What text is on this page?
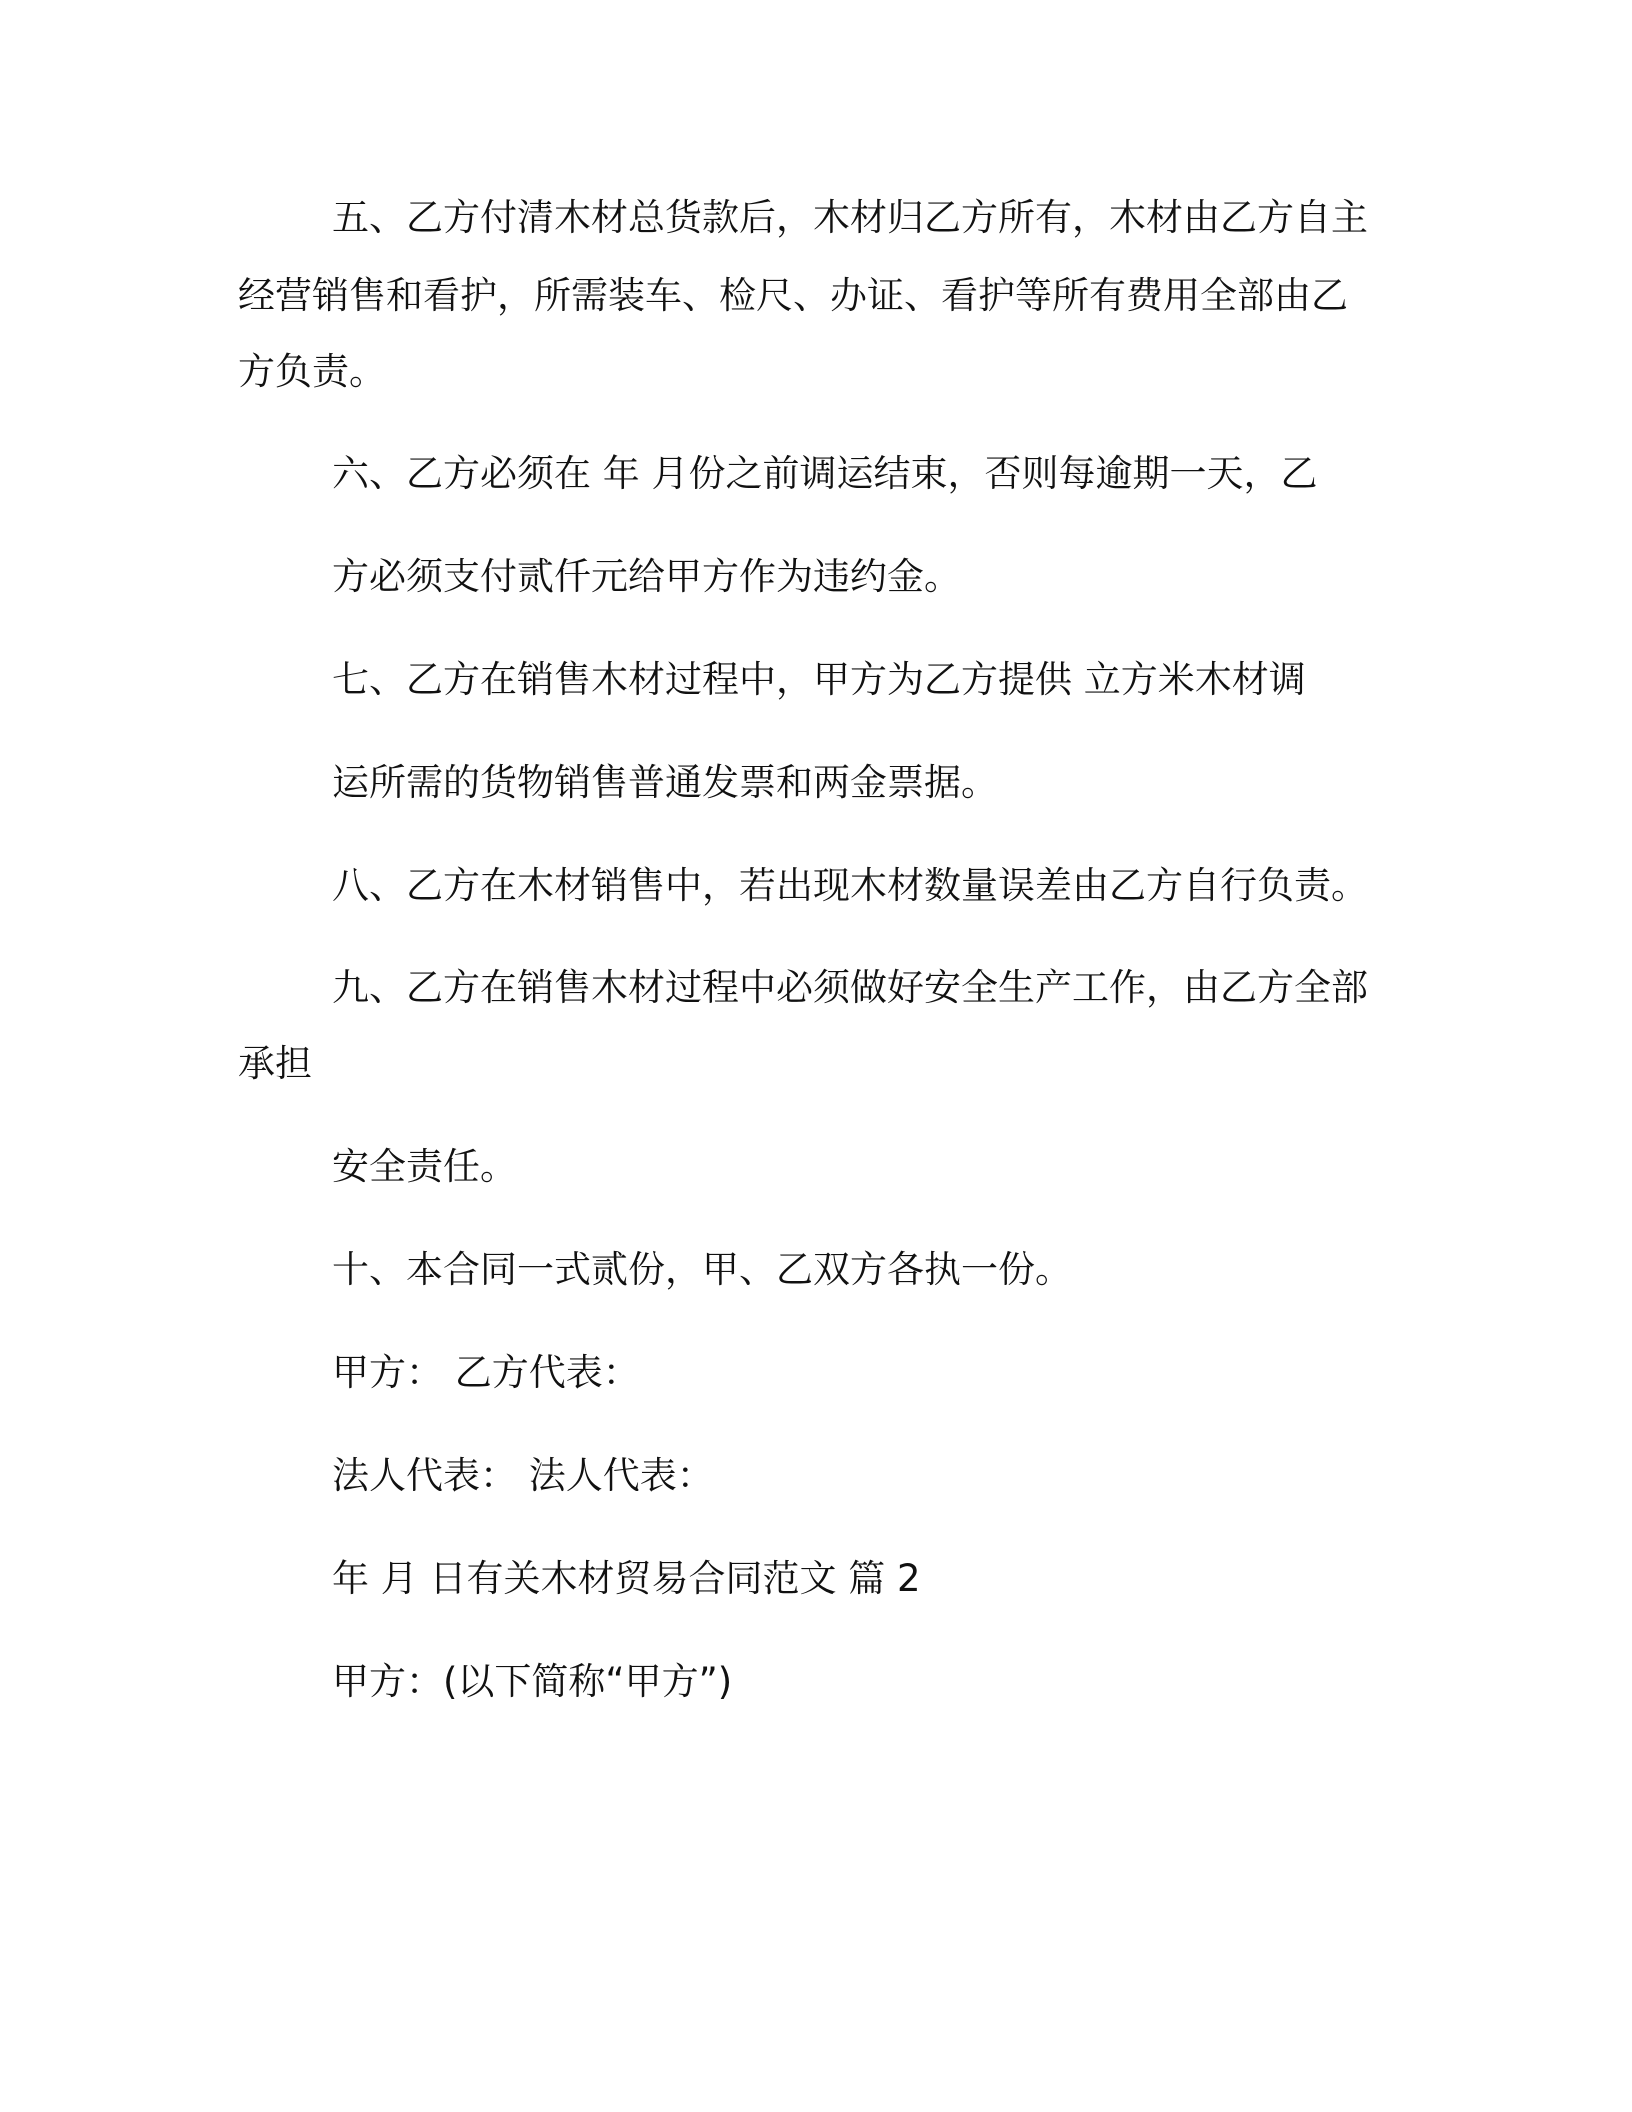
五、乙方付清木材总货款后，木材归乙方所有，木材由乙方自主
经营销售和看护，所需装车、检尺、办证、看护等所有费用全部由乙
方负责。
六、乙方必须在 年 月份之前调运结束，否则每逾期一天，乙
方必须支付贰仟元给甲方作为违约金。
七、乙方在销售木材过程中，甲方为乙方提供 立方米木材调
运所需的货物销售普通发票和两金票据。
八、乙方在木材销售中，若出现木材数量误差由乙方自行负责。
九、乙方在销售木材过程中必须做好安全生产工作，由乙方全部
承担
安全责任。
十、本合同一式贰份，甲、乙双方各执一份。
甲方： 乙方代表：
法人代表： 法人代表：
年 月 日有关木材贸易合同范文 篇 2
甲方：(以下简称“甲方”)
